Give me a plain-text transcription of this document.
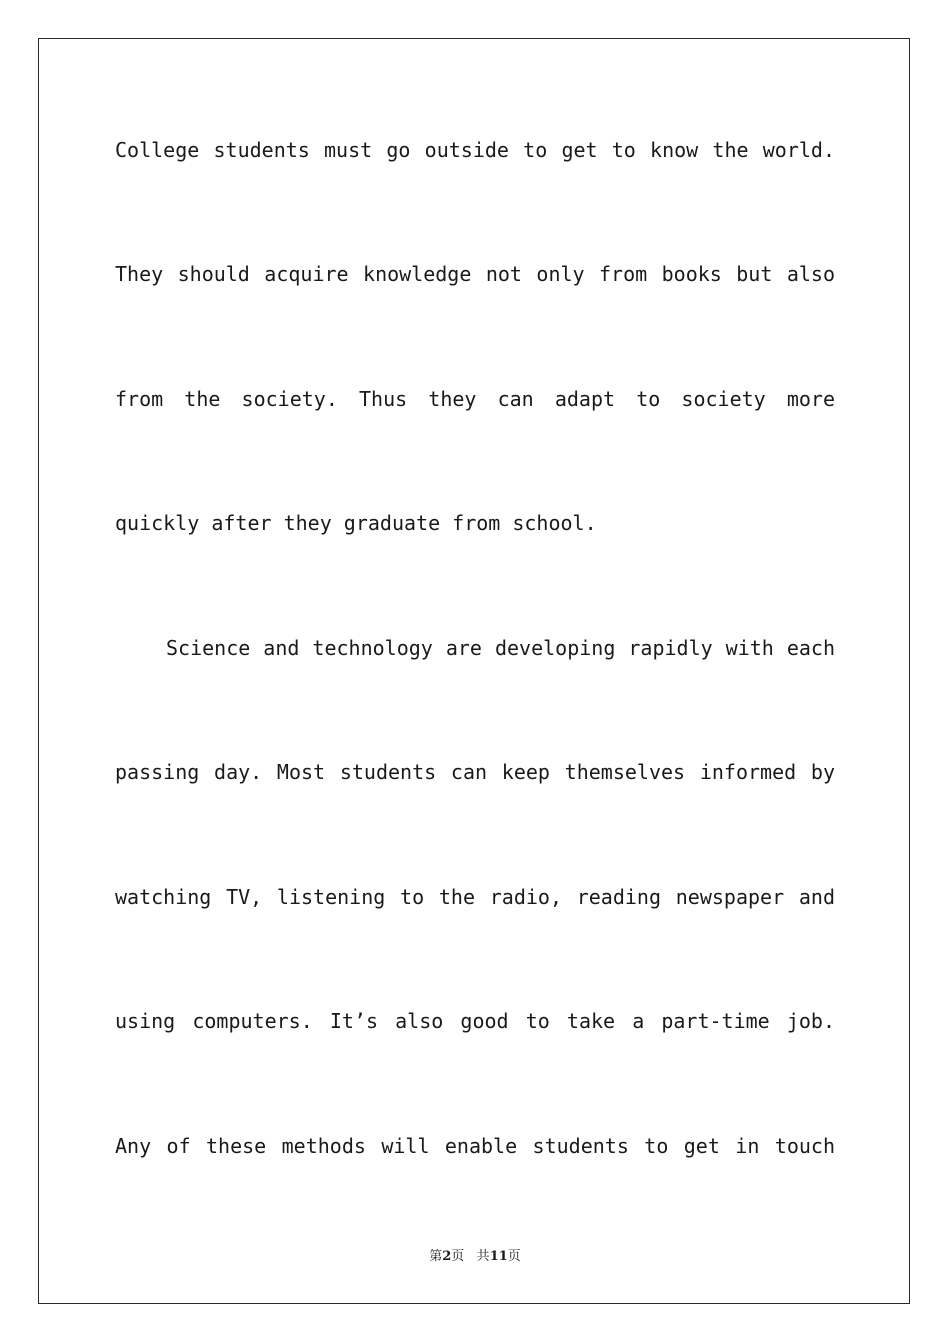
College students must go outside to get to know the world.
They should acquire knowledge not only from books but also
from the society. Thus they can adapt to society more
quickly after they graduate from school.
Science and technology are developing rapidly with each
passing day. Most students can keep themselves informed by
watching TV, listening to the radio, reading newspaper and
using computers. It’s also good to take a part-time job.
Any of these methods will enable students to get in touch
第2页 共11页
